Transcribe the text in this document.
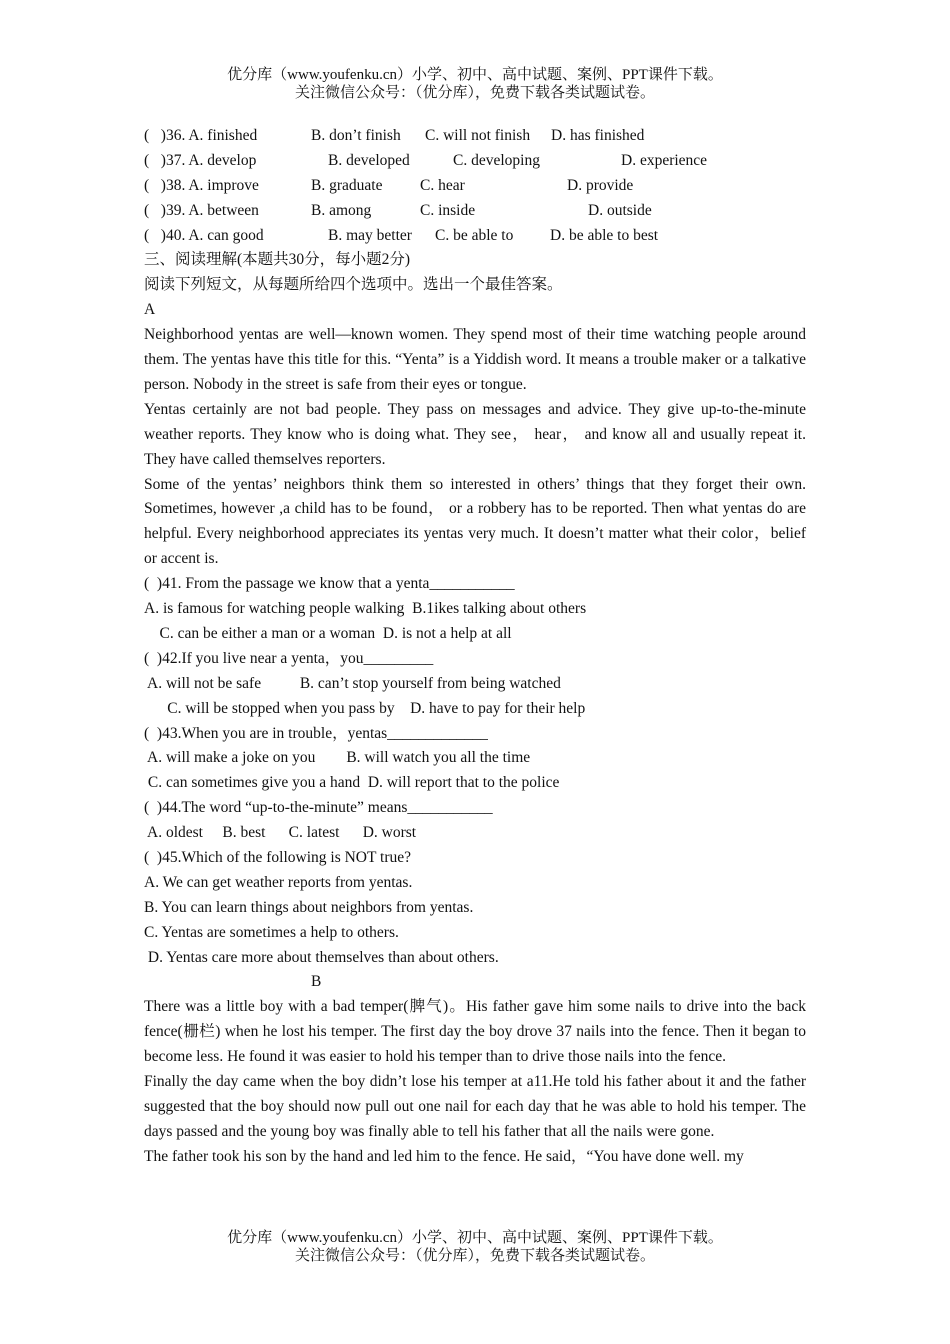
优分库（www.youfenku.cn）小学、初中、高中试题、案例、PPT课件下载。
关注微信公众号：（优分库），免费下载各类试题试卷。

(   )36. A. finished

	B. don’t finish

C. will not finish

D. has finished

(   )37. A. develop

	B. developed

	C. developing

	D. experience

(   )38. A. improve

	B. graduate

C. hear

	D. provide

(   )39. A. between

	B. among

	C. inside

	D. outside

(   )40. A. can good

	B. may better

C. be able to

D. be able to best

三、阅读理解(本题共30分，每小题2分)
阅读下列短文，从每题所给四个选项中。选出一个最佳答案。
A

Neighborhood yentas are well—known women. They spend most of their time watching people around them. The yentas have this title for this. “Yenta” is a Yiddish word. It means a trouble maker or a talkative person. Nobody in the street is safe from their eyes or tongue.

Yentas certainly are not bad people. They pass on messages and advice. They give up-to-the-minute weather reports. They know who is doing what. They see， hear， and know all and usually repeat it. They have called themselves reporters.

Some of the yentas’ neighbors think them so interested in others’ things that they forget their own. Sometimes, however ,a child has to be found， or a robbery has to be reported. Then what yentas do are helpful. Every neighborhood appreciates its yentas very much. It doesn’t matter what their color，belief or accent is.

(  )41. From the passage we know that a yenta___________
A. is famous for watching people walking  B.1ikes talking about others
C. can be either a man or a woman  D. is not a help at all
(  )42.If you live near a yenta，you_________
A. will not be safe          B. can’t stop yourself from being watched
C. will be stopped when you pass by    D. have to pay for their help
(  )43.When you are in trouble，yentas_____________
A. will make a joke on you        B. will watch you all the time
C. can sometimes give you a hand  D. will report that to the police
(  )44.The word “up-to-the-minute” means___________
A. oldest     B. best      C. latest      D. worst
(  )45.Which of the following is NOT true?
A. We can get weather reports from yentas.
B. You can learn things about neighbors from yentas.
C. Yentas are sometimes a help to others.
D. Yentas care more about themselves than about others.
B

There was a little boy with a bad temper(脾气)。His father gave him some nails to drive into the back fence(栅栏) when he lost his temper. The first day the boy drove 37 nails into the fence. Then it began to become less. He found it was easier to hold his temper than to drive those nails into the fence.

Finally the day came when the boy didn’t lose his temper at a11.He told his father about it and the father suggested that the boy should now pull out one nail for each day that he was able to hold his temper. The days passed and the young boy was finally able to tell his father that all the nails were gone.

The father took his son by the hand and led him to the fence. He said，“You have done well. my

优分库（www.youfenku.cn）小学、初中、高中试题、案例、PPT课件下载。
关注微信公众号：（优分库），免费下载各类试题试卷。
